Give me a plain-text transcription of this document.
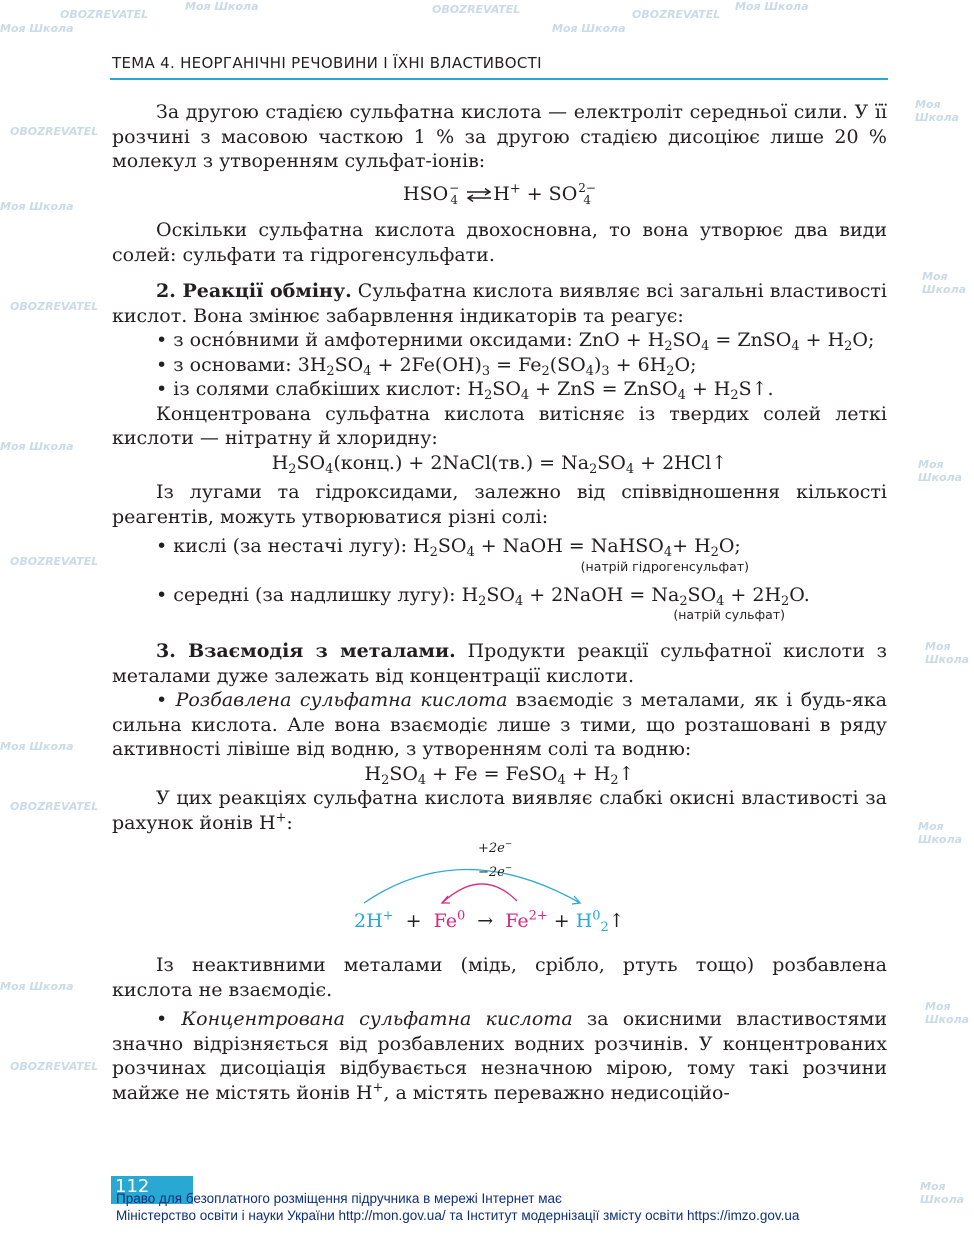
Моя Школа
OBOZREVATEL
Моя Школа	OBOZREVATEL
Моя Школа
OBOZREVATEL
Моя Школа
Моя Школа
OBOZREVATEL
Моя Школа
Моя Школа
OBOZREVATEL
Моя Школа
Моя Школа
OBOZREVATEL
Моя Школа
Моя Школа
OBOZREVATEL
Моя Школа
Моя Школа
Моя Школа
OBOZREVATEL
Моя Школа
ТЕМА 4. НЕОРГАНІЧНІ РЕЧОВИНИ І ЇХНІ ВЛАСТИВОСТІ

За другою стадією сульфатна кислота — електроліт середньої сили. У її розчині з масовою часткою 1 % за другою стадією дисоціює лише 20 % молекул з утворенням сульфат-іонів:

HSO −
4 ⇌H+ + SO 2−
4

Оскільки сульфатна кислота двохосновна, то вона утворює два види солей: сульфати та гідрогенсульфати.

2. Реакції обміну. Сульфатна кислота виявляє всі загальні властивості кислот. Вона змінює забарвлення індикаторів та реагує:

• з осно́вними й амфотерними оксидами: ZnO + $H_2SO_4$ = ZnSO$_4$ + $H_2O$;
• з основами: $3H_2SO_4 + 2Fe(OH)_3 = Fe_2(SO_4)_3 + 6H_2O$;
• із солями слабкіших кислот: $H_2SO_4$ + ZnS = ZnSO$_4$ + $H_2S↑$.

Концентрована сульфатна кислота витісняє із твердих солей леткі кислоти — нітратну й хлоридну:

$H_2SO_4(конц.)$ + 2NaCl(тв.) = $Na_2SO_4$ + 2HCl↑

Із лугами та гідроксидами, залежно від співвідношення кількості реагентів, можуть утворюватися різні солі:

• кислі (за нестачі лугу): $H_2SO_4$ + NaOH = NaHSO$_4$+ $H_2O$;
(натрій гідрогенсульфат)
• середні (за надлишку лугу): $H_2SO_4$ + 2NaOH = $Na_2SO_4 + 2H_2O$.
(натрій сульфат)

3. Взаємодія з металами. Продукти реакції сульфатної кислоти з металами дуже залежать від концентрації кислоти.

• Розбавлена сульфатна кислота взаємодіє з металами, як і будь-яка сильна кислота. Але вона взаємодіє лише з тими, що розташовані в ряду активності лівіше від водню, з утворенням солі та водню:

$H_2SO_4 + Fe$ = FeSO$_4$ + $H_2↑$

У цих реакціях сульфатна кислота виявляє слабкі окисні властивості за рахунок йонів H+:

+2e−
−2e−
$2H^+ + Fe^0 \to Fe^{2+}$ + $H^0_2↑$

Із неактивними металами (мідь, срібло, ртуть тощо) розбавлена кислота не взаємодіє.

• Концентрована сульфатна кислота за окисними властивостями значно відрізняється від розбавлених водних розчинів. У концентрованих розчинах дисоціація відбувається незначною мірою, тому такі розчини майже не містять йонів H+, а містять переважно недисоційо-

112
Право для безоплатного розміщення підручника в мережі Інтернет має
Міністерство освіти і науки України http://mon.gov.ua/ та Інститут модернізації змісту освіти https://imzo.gov.ua
